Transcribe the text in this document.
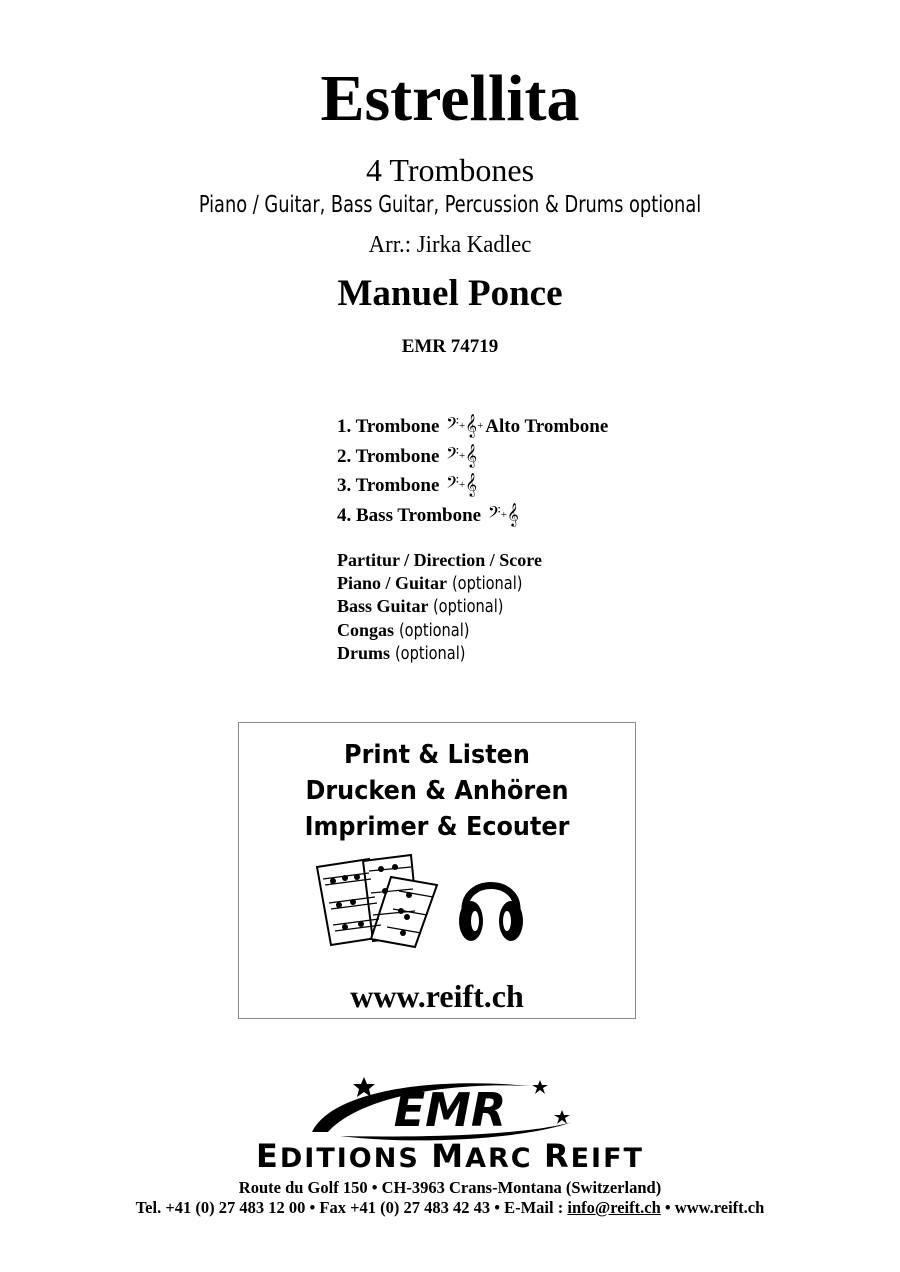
Estrellita
4 Trombones
Piano / Guitar, Bass Guitar, Percussion & Drums optional
Arr.: Jirka Kadlec
Manuel Ponce
EMR 74719
1. Trombone 𝄢+𝄞+ Alto Trombone
2. Trombone 𝄢+𝄞
3. Trombone 𝄢+𝄞
4. Bass Trombone 𝄢+𝄞
Partitur / Direction / Score
Piano / Guitar (optional)
Bass Guitar (optional)
Congas (optional)
Drums (optional)
Print & Listen
Drucken & Anhören
Imprimer & Ecouter
www.reift.ch
EMR
EDITIONS MARC REIFT
Route du Golf 150 • CH-3963 Crans-Montana (Switzerland)
Tel. +41 (0) 27 483 12 00 • Fax +41 (0) 27 483 42 43 • E-Mail : info@reift.ch • www.reift.ch
